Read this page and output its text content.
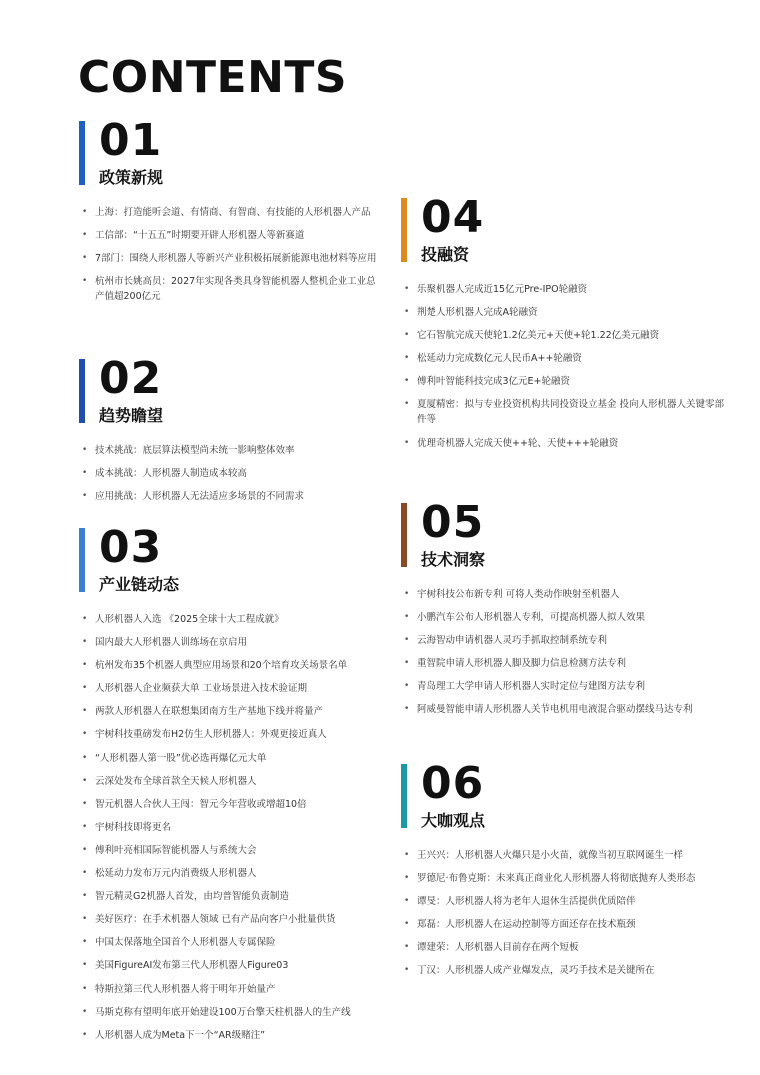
CONTENTS
01
政策新规
• 上海：打造能听会道、有情商、有智商、有技能的人形机器人产品
• 工信部：“十五五”时期要开辟人形机器人等新赛道
• 7部门：围绕人形机器人等新兴产业积极拓展新能源电池材料等应用
• 杭州市长姚高员：2027年实现各类具身智能机器人整机企业工业总产值超200亿元
02
趋势瞻望
• 技术挑战：底层算法模型尚未统一影响整体效率
• 成本挑战：人形机器人制造成本较高
• 应用挑战：人形机器人无法适应多场景的不同需求
03
产业链动态
• 人形机器人入选 《2025全球十大工程成就》
• 国内最大人形机器人训练场在京启用
• 杭州发布35个机器人典型应用场景和20个培育攻关场景名单
• 人形机器人企业频获大单 工业场景进入技术验证期
• 两款人形机器人在联想集团南方生产基地下线并将量产
• 宇树科技重磅发布H2仿生人形机器人：外观更接近真人
• “人形机器人第一股”优必选再爆亿元大单
• 云深处发布全球首款全天候人形机器人
• 智元机器人合伙人王闯：智元今年营收或增超10倍
• 宇树科技即将更名
• 傅利叶亮相国际智能机器人与系统大会
• 松延动力发布万元内消费级人形机器人
• 智元精灵G2机器人首发，由均普智能负责制造
• 美好医疗：在手术机器人领域 已有产品向客户小批量供货
• 中国太保落地全国首个人形机器人专属保险
• 美国FigureAI发布第三代人形机器人Figure03
• 特斯拉第三代人形机器人将于明年开始量产
• 马斯克称有望明年底开始建设100万台擎天柱机器人的生产线
• 人形机器人成为Meta下一个“AR级赌注”
04
投融资
• 乐聚机器人完成近15亿元Pre-IPO轮融资
• 荆楚人形机器人完成A轮融资
• 它石智航完成天使轮1.2亿美元+天使+轮1.22亿美元融资
• 松延动力完成数亿元人民币A++轮融资
• 傅利叶智能科技完成3亿元E+轮融资
• 夏厦精密：拟与专业投资机构共同投资设立基金 投向人形机器人关键零部件等
• 优理奇机器人完成天使++轮、天使+++轮融资
05
技术洞察
• 宇树科技公布新专利 可将人类动作映射至机器人
• 小鹏汽车公布人形机器人专利，可提高机器人拟人效果
• 云海智动申请机器人灵巧手抓取控制系统专利
• 重智院申请人形机器人脚及脚力信息检测方法专利
• 青岛理工大学申请人形机器人实时定位与建图方法专利
• 阿威曼智能申请人形机器人关节电机用电液混合驱动摆线马达专利
06
大咖观点
• 王兴兴：人形机器人火爆只是小火苗，就像当初互联网诞生一样
• 罗德尼·布鲁克斯：未来真正商业化人形机器人将彻底抛弃人类形态
• 谭旻：人形机器人将为老年人退休生活提供优质陪伴
• 郑磊：人形机器人在运动控制等方面还存在技术瓶颈
• 谭建荣：人形机器人目前存在两个短板
• 丁汉：人形机器人成产业爆发点，灵巧手技术是关键所在
